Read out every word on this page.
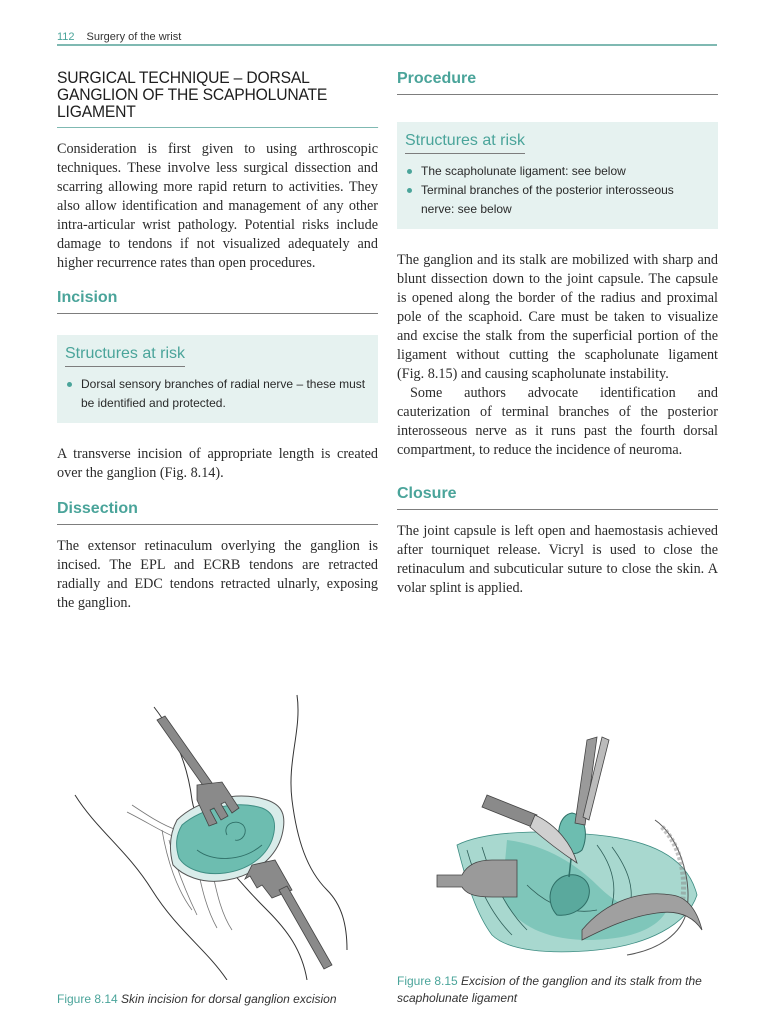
112 Surgery of the wrist
SURGICAL TECHNIQUE – DORSAL GANGLION OF THE SCAPHOLUNATE LIGAMENT

Consideration is first given to using arthroscopic techniques. These involve less surgical dissection and scarring allowing more rapid return to activities. They also allow identification and management of any other intra-articular wrist pathology. Potential risks include damage to tendons if not visualized adequately and higher recurrence rates than open procedures.

Incision
Structures at risk
Dorsal sensory branches of radial nerve – these must be identified and protected.

A transverse incision of appropriate length is created over the ganglion (Fig. 8.14).

Dissection

The extensor retinaculum overlying the ganglion is incised. The EPL and ECRB tendons are retracted radially and EDC tendons retracted ulnarly, exposing the ganglion.

Procedure
Structures at risk
The scapholunate ligament: see below
Terminal branches of the posterior interosseous nerve: see below

The ganglion and its stalk are mobilized with sharp and blunt dissection down to the joint capsule. The capsule is opened along the border of the radius and proximal pole of the scaphoid. Care must be taken to visualize and excise the stalk from the superficial portion of the ligament without cutting the scapholunate ligament (Fig. 8.15) and causing scapholunate instability.

Some authors advocate identification and cauterization of terminal branches of the posterior interosseous nerve as it runs past the fourth dorsal compartment, to reduce the incidence of neuroma.

Closure

The joint capsule is left open and haemostasis achieved after tourniquet release. Vicryl is used to close the retinaculum and subcuticular suture to close the skin. A volar splint is applied.

Figure 8.14 Skin incision for dorsal ganglion excision
Figure 8.15 Excision of the ganglion and its stalk from the scapholunate ligament
